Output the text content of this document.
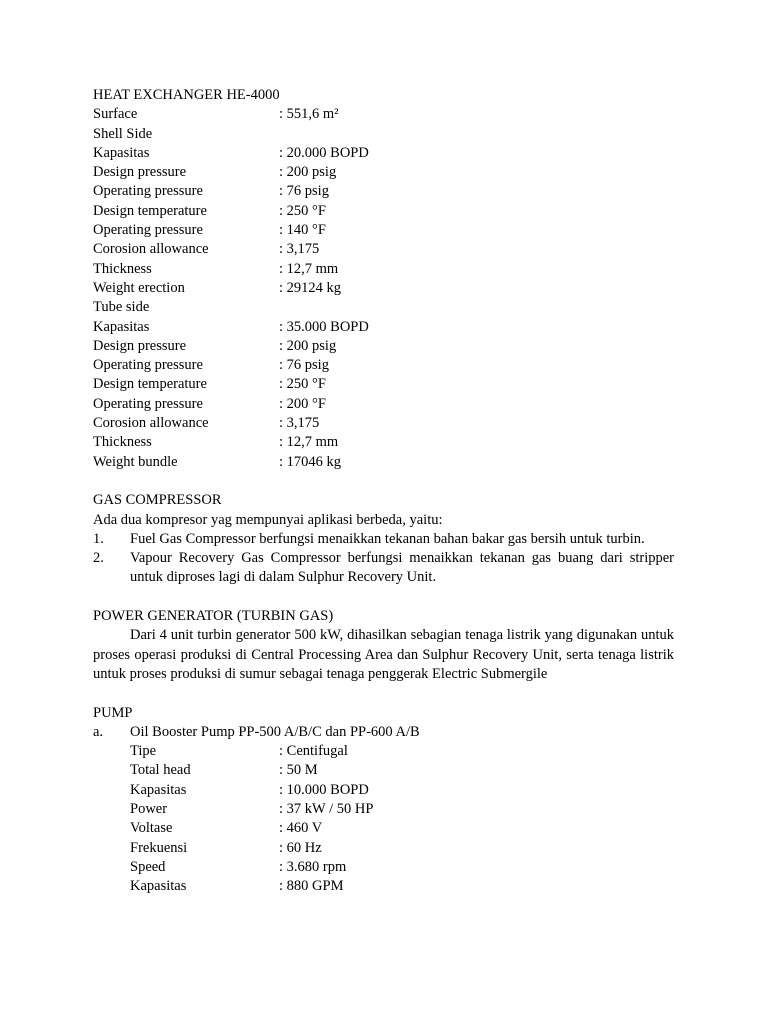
HEAT EXCHANGER HE-4000
Surface	: 551,6 m²
Shell Side
Kapasitas	: 20.000 BOPD
Design pressure	: 200 psig
Operating pressure	: 76 psig
Design temperature	: 250 °F
Operating pressure	: 140 °F
Corosion allowance	: 3,175
Thickness	: 12,7 mm
Weight erection	: 29124 kg
Tube side
Kapasitas	: 35.000 BOPD
Design pressure	: 200 psig
Operating pressure	: 76 psig
Design temperature	: 250 °F
Operating pressure	: 200 °F
Corosion allowance	: 3,175
Thickness	: 12,7 mm
Weight bundle	: 17046 kg
GAS COMPRESSOR
Ada dua kompresor yag mempunyai aplikasi berbeda, yaitu:
1.	Fuel Gas Compressor berfungsi menaikkan tekanan bahan bakar gas bersih untuk turbin.
2.	Vapour Recovery Gas Compressor berfungsi menaikkan tekanan gas buang dari stripper untuk diproses lagi di dalam Sulphur Recovery Unit.
POWER GENERATOR (TURBIN GAS)
Dari 4 unit turbin generator 500 kW, dihasilkan sebagian tenaga listrik yang digunakan untuk proses operasi produksi di Central Processing Area dan Sulphur Recovery Unit, serta tenaga listrik untuk proses produksi di sumur sebagai tenaga penggerak Electric Submergile
PUMP
a.	Oil Booster Pump PP-500 A/B/C dan PP-600 A/B
Tipe	: Centifugal
Total head	: 50 M
Kapasitas	: 10.000 BOPD
Power	: 37 kW / 50 HP
Voltase	: 460 V
Frekuensi	: 60 Hz
Speed	: 3.680 rpm
Kapasitas	: 880 GPM
